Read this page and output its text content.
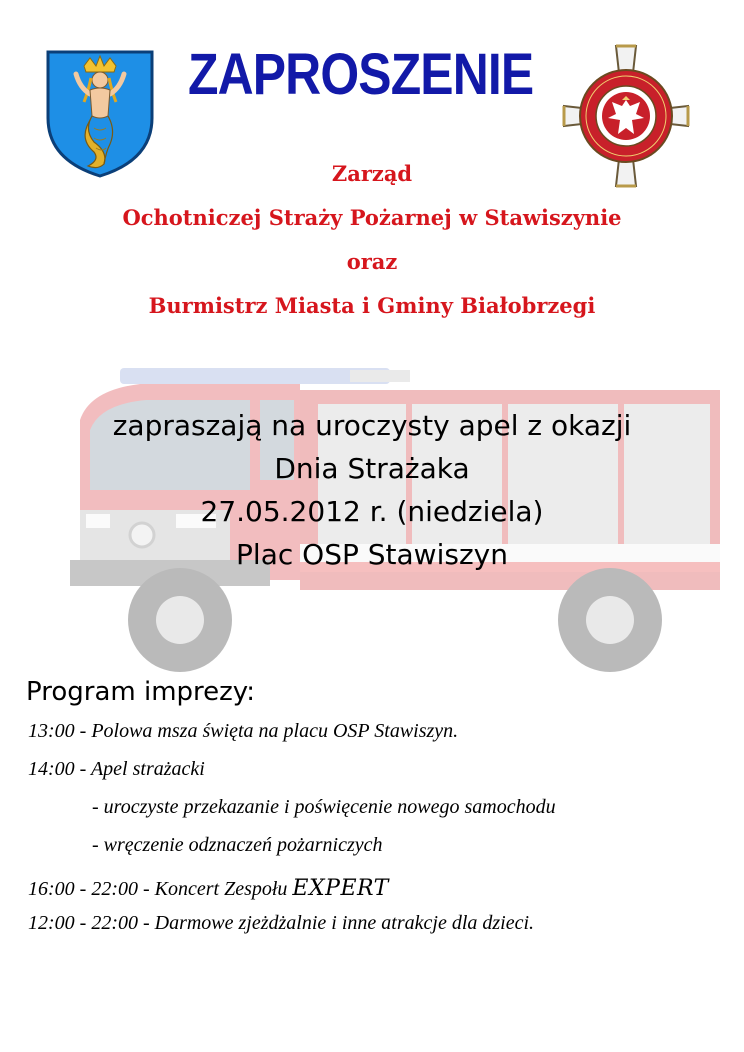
ZAPROSZENIE
Zarząd
Ochotniczej Straży Pożarnej w Stawiszynie
oraz
Burmistrz Miasta i Gminy Białobrzegi
zapraszają na uroczysty apel z okazji
Dnia Strażaka
27.05.2012 r. (niedziela)
Plac OSP Stawiszyn
Program imprezy:
13:00 - Polowa msza święta na placu OSP Stawiszyn.
14:00 - Apel strażacki
- uroczyste przekazanie i poświęcenie nowego samochodu
- wręczenie odznaczeń pożarniczych
16:00 - 22:00 - Koncert Zespołu EXPERT
12:00 - 22:00 - Darmowe zjeżdżalnie i inne atrakcje dla dzieci.
